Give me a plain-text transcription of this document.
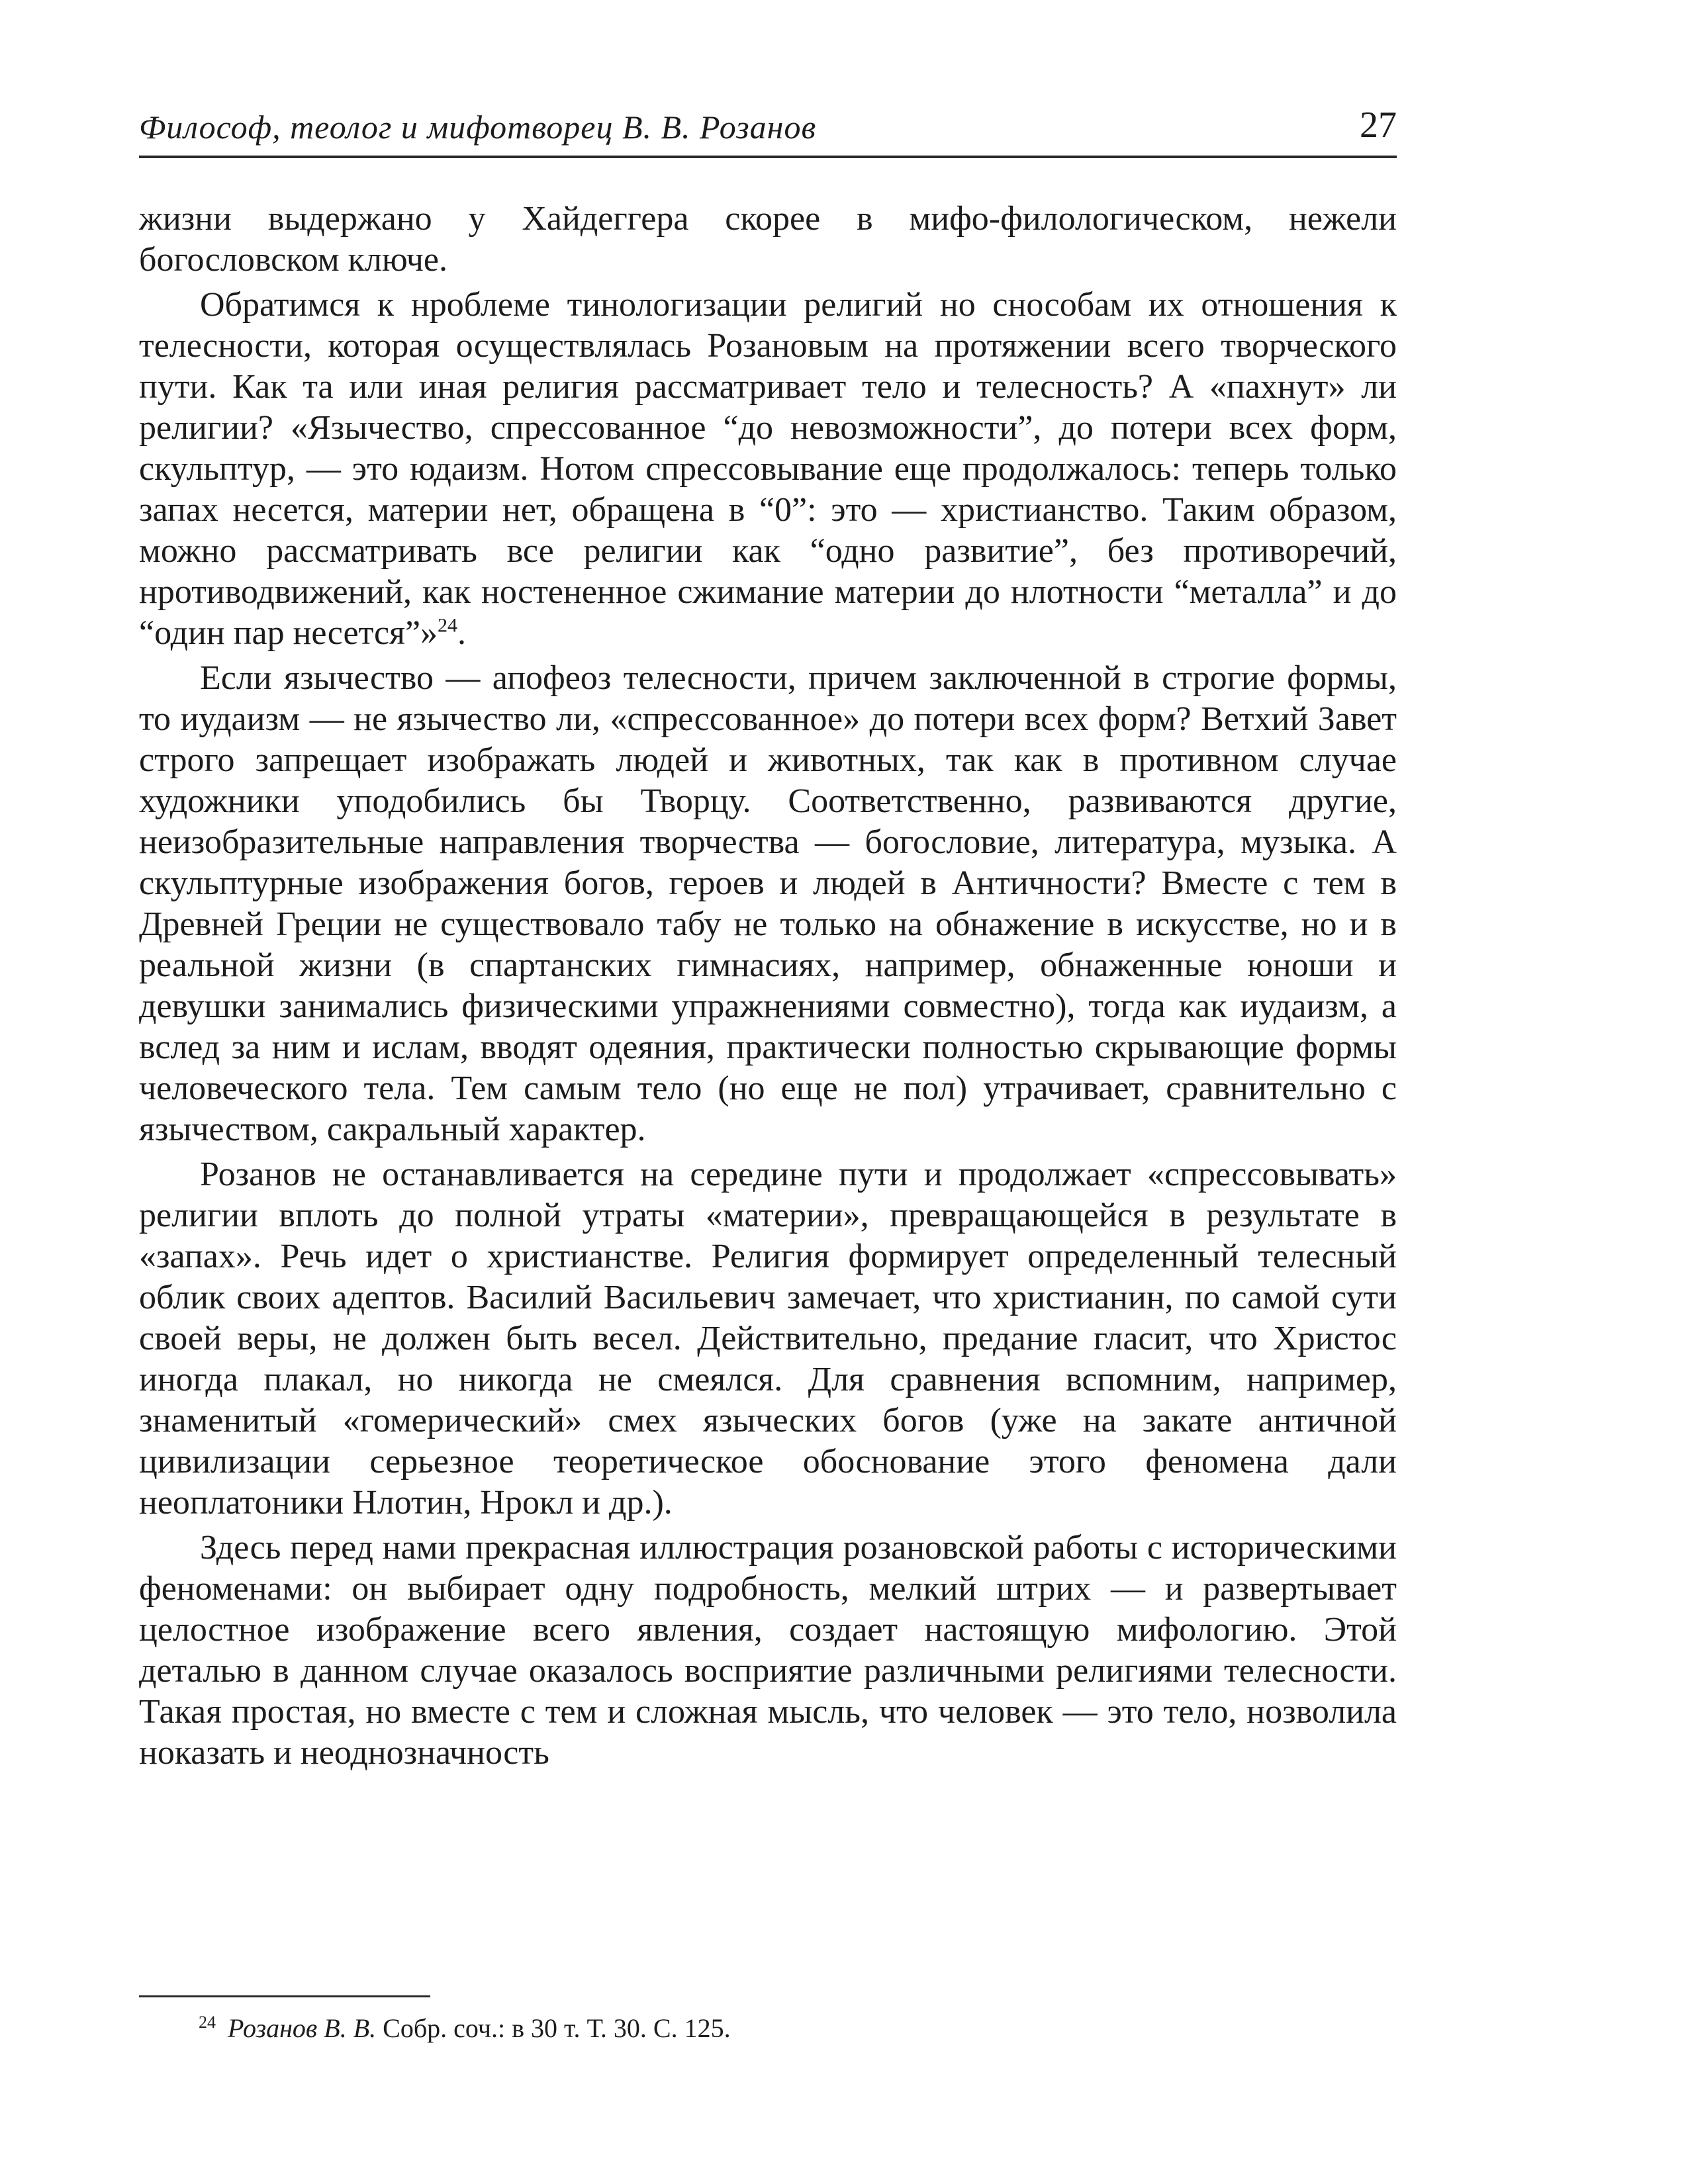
Философ, теолог и мифотворец В. В. Розанов	27

жизни выдержано у Хайдеггера скорее в мифо-филологическом, нежели богословском ключе.

Обратимся к нроблеме тинологизации религий но снособам их отношения к телесности, которая осуществлялась Розановым на протяжении всего творческого пути. Как та или иная религия рассматривает тело и телесность? А «пахнут» ли религии? «Язычество, спрессованное “до невозможности”, до потери всех форм, скульптур, — это юдаизм. Нотом спрессовывание еще продолжалось: теперь только запах несется, материи нет, обращена в “0”: это — христианство. Таким образом, можно рассматривать все религии как “одно развитие”, без противоречий, нротиводвижений, как ностененное сжимание материи до нлотности “металла” и до “один пар несется”»$^{24}$.

Если язычество — апофеоз телесности, причем заключенной в строгие формы, то иудаизм — не язычество ли, «спрессованное» до потери всех форм? Ветхий Завет строго запрещает изображать людей и животных, так как в противном случае художники уподобились бы Творцу. Соответственно, развиваются другие, неизобразительные направления творчества — богословие, литература, музыка. А скульптурные изображения богов, героев и людей в Античности? Вместе с тем в Древней Греции не существовало табу не только на обнажение в искусстве, но и в реальной жизни (в спартанских гимнасиях, например, обнаженные юноши и девушки занимались физическими упражнениями совместно), тогда как иудаизм, а вслед за ним и ислам, вводят одеяния, практически полностью скрывающие формы человеческого тела. Тем самым тело (но еще не пол) утрачивает, сравнительно с язычеством, сакральный характер.

Розанов не останавливается на середине пути и продолжает «спрессовывать» религии вплоть до полной утраты «материи», превращающейся в результате в «запах». Речь идет о христианстве. Религия формирует определенный телесный облик своих адептов. Василий Васильевич замечает, что христианин, по самой сути своей веры, не должен быть весел. Действительно, предание гласит, что Христос иногда плакал, но никогда не смеялся. Для сравнения вспомним, например, знаменитый «гомерический» смех языческих богов (уже на закате античной цивилизации серьезное теоретическое обоснование этого феномена дали неоплатоники Нлотин, Нрокл и др.).

Здесь перед нами прекрасная иллюстрация розановской работы с историческими феноменами: он выбирает одну подробность, мелкий штрих — и развертывает целостное изображение всего явления, создает настоящую мифологию. Этой деталью в данном случае оказалось восприятие различными религиями телесности. Такая простая, но вместе с тем и сложная мысль, что человек — это тело, нозволила ноказать и неоднозначность

$^{24}$ Розанов В. В. Собр. соч.: в 30 т. Т. 30. С. 125.
